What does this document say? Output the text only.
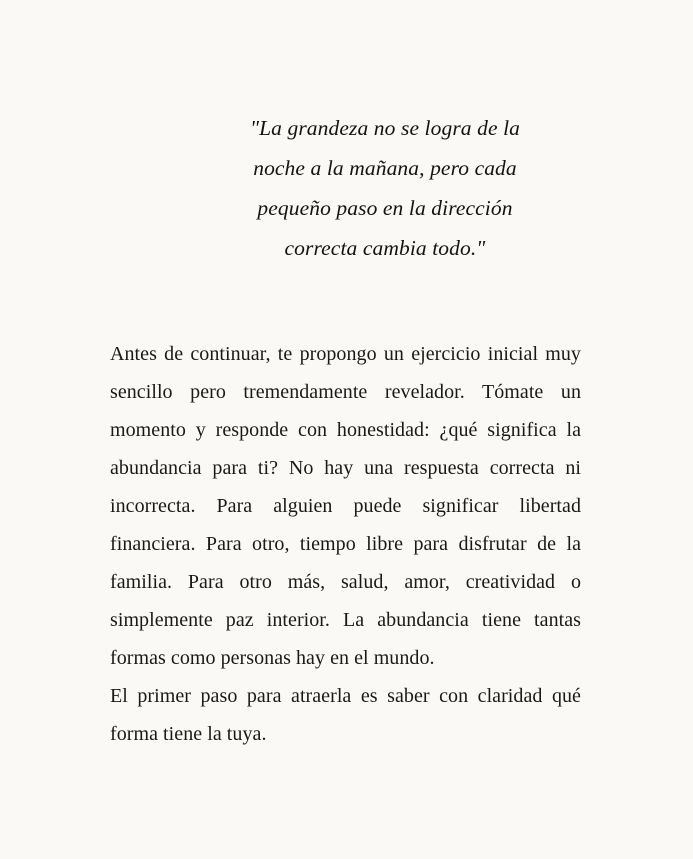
"La grandeza no se logra de la
noche a la mañana, pero cada
pequeño paso en la dirección
correcta cambia todo."

Antes de continuar, te propongo un ejercicio inicial muy sencillo pero tremendamente revelador. Tómate un momento y responde con honestidad: ¿qué significa la abundancia para ti? No hay una respuesta correcta ni incorrecta. Para alguien puede significar libertad financiera. Para otro, tiempo libre para disfrutar de la familia. Para otro más, salud, amor, creatividad o simplemente paz interior. La abundancia tiene tantas formas como personas hay en el mundo.

El primer paso para atraerla es saber con claridad qué forma tiene la tuya.
